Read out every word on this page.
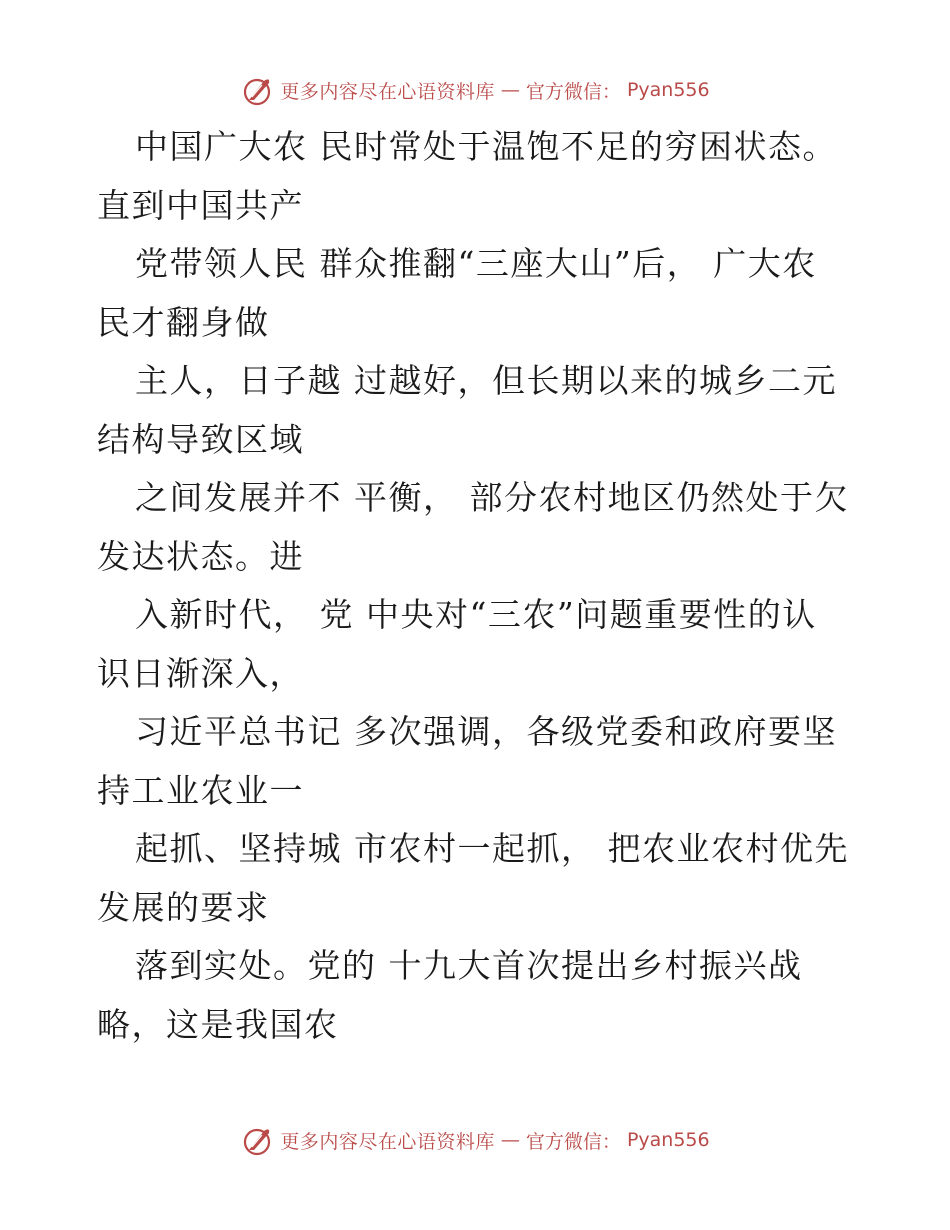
更多内容尽在心语资料库 — 官方微信： Pyan556
中国广大农 民时常处于温饱不足的穷困状态。
直到中国共产
党带领人民 群众推翻“三座大山”后， 广大农
民才翻身做
主人，日子越 过越好，但长期以来的城乡二元
结构导致区域
之间发展并不 平衡， 部分农村地区仍然处于欠
发达状态。进
入新时代， 党 中央对“三农”问题重要性的认
识日渐深入，
习近平总书记 多次强调，各级党委和政府要坚
持工业农业一
起抓、坚持城 市农村一起抓， 把农业农村优先
发展的要求
落到实处。党的 十九大首次提出乡村振兴战
略，这是我国农
更多内容尽在心语资料库 — 官方微信： Pyan556
